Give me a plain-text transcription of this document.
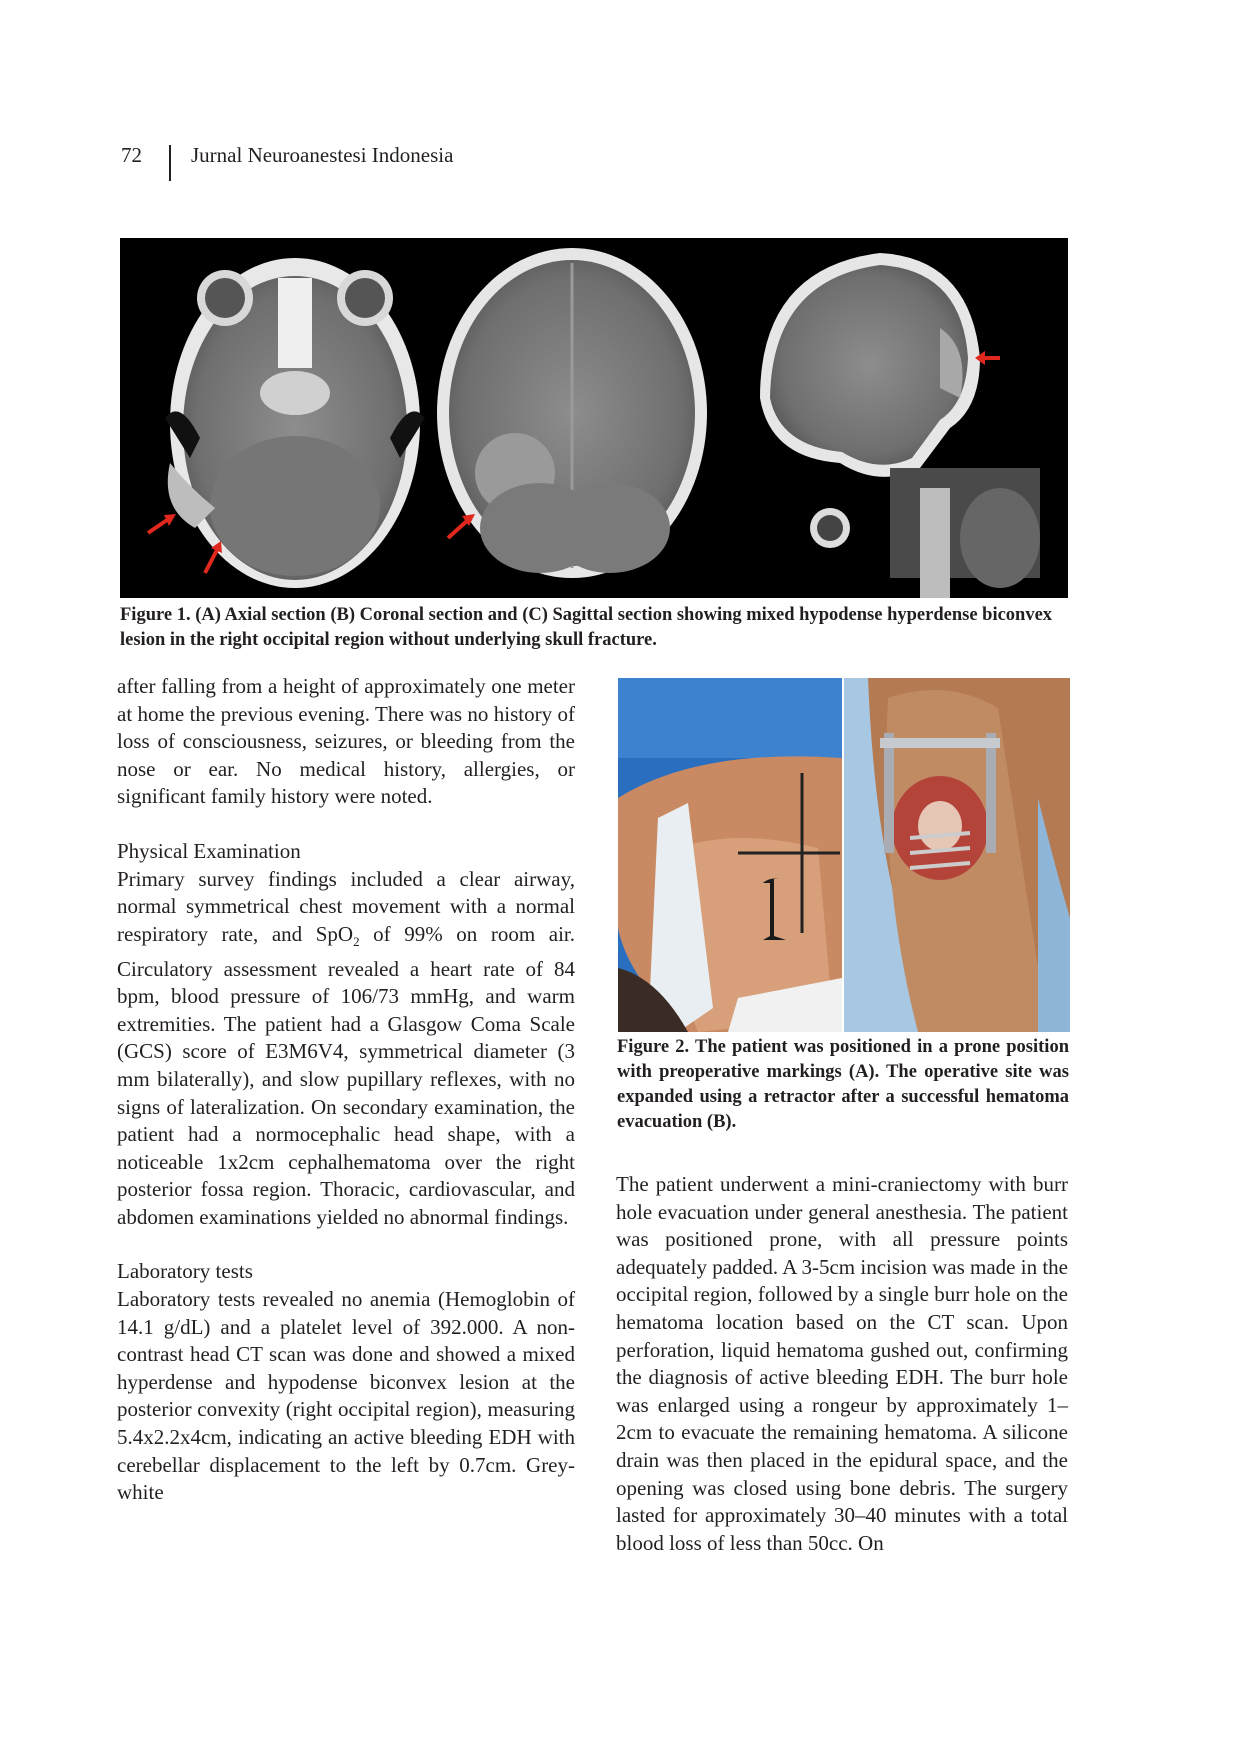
72	Jurnal Neuroanestesi Indonesia
Figure 1. (A) Axial section (B) Coronal section and (C) Sagittal section showing mixed hypodense hyperdense biconvex lesion in the right occipital region without underlying skull fracture.

after falling from a height of approximately one meter at home the previous evening. There was no history of loss of consciousness, seizures, or bleeding from the nose or ear. No medical history, allergies, or significant family history were noted.

Physical Examination

Primary survey findings included a clear airway, normal symmetrical chest movement with a normal respiratory rate, and SpO$_2$ of 99% on room air. Circulatory assessment revealed a heart rate of 84 bpm, blood pressure of 106/73 mmHg, and warm extremities. The patient had a Glasgow Coma Scale (GCS) score of E3M6V4, symmetrical diameter (3 mm bilaterally), and slow pupillary reflexes, with no signs of lateralization. On secondary examination, the patient had a normocephalic head shape, with a noticeable 1x2cm cephalhematoma over the right posterior fossa region. Thoracic, cardiovascular, and abdomen examinations yielded no abnormal findings.

Laboratory tests

Laboratory tests revealed no anemia (Hemoglobin of 14.1 g/dL) and a platelet level of 392.000. A non-contrast head CT scan was done and showed a mixed hyperdense and hypodense biconvex lesion at the posterior convexity (right occipital region), measuring 5.4x2.2x4cm, indicating an active bleeding EDH with cerebellar displacement to the left by 0.7cm. Grey-white

Figure 2. The patient was positioned in a prone position with preoperative markings (A). The operative site was expanded using a retractor after a successful hematoma evacuation (B).

The patient underwent a mini-craniectomy with burr hole evacuation under general anesthesia. The patient was positioned prone, with all pressure points adequately padded. A 3-5cm incision was made in the occipital region, followed by a single burr hole on the hematoma location based on the CT scan. Upon perforation, liquid hematoma gushed out, confirming the diagnosis of active bleeding EDH. The burr hole was enlarged using a rongeur by approximately 1–2cm to evacuate the remaining hematoma. A silicone drain was then placed in the epidural space, and the opening was closed using bone debris. The surgery lasted for approximately 30–40 minutes with a total blood loss of less than 50cc. On
